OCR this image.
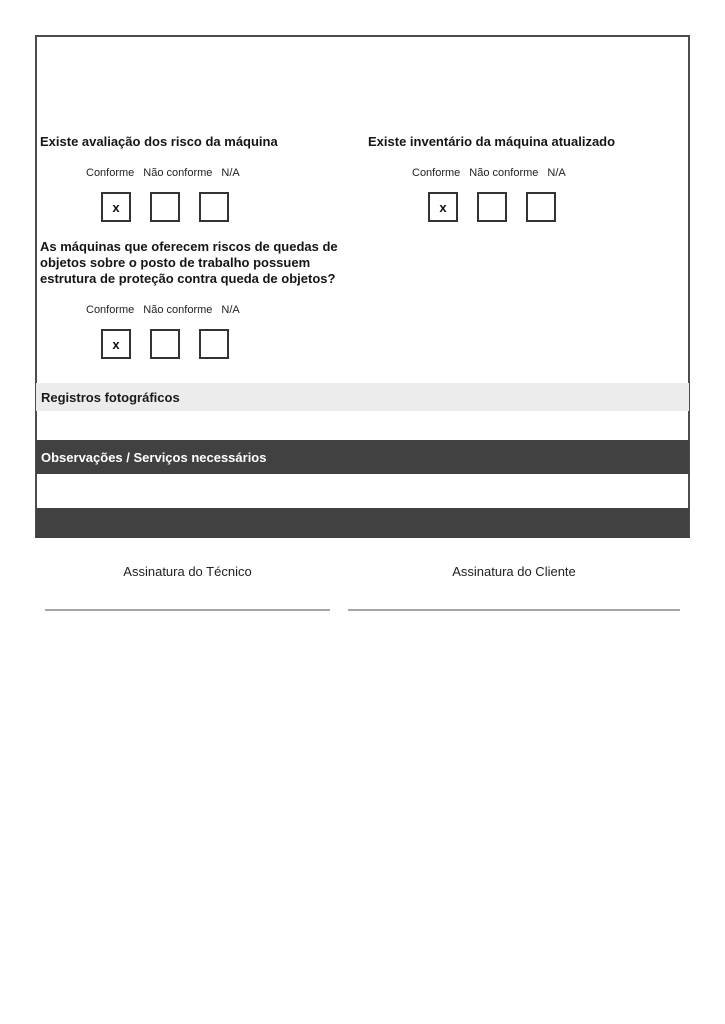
Existe avaliação dos risco da máquina	Existe inventário da máquina atualizado
Conforme Não conforme N/A
x
Conforme Não conforme N/A
x
As máquinas que oferecem riscos de quedas de objetos sobre o posto de trabalho possuem estrutura de proteção contra queda de objetos?
Conforme Não conforme N/A
x
Registros fotográficos
Observações / Serviços necessários
Assinatura do Técnico	Assinatura do Cliente
